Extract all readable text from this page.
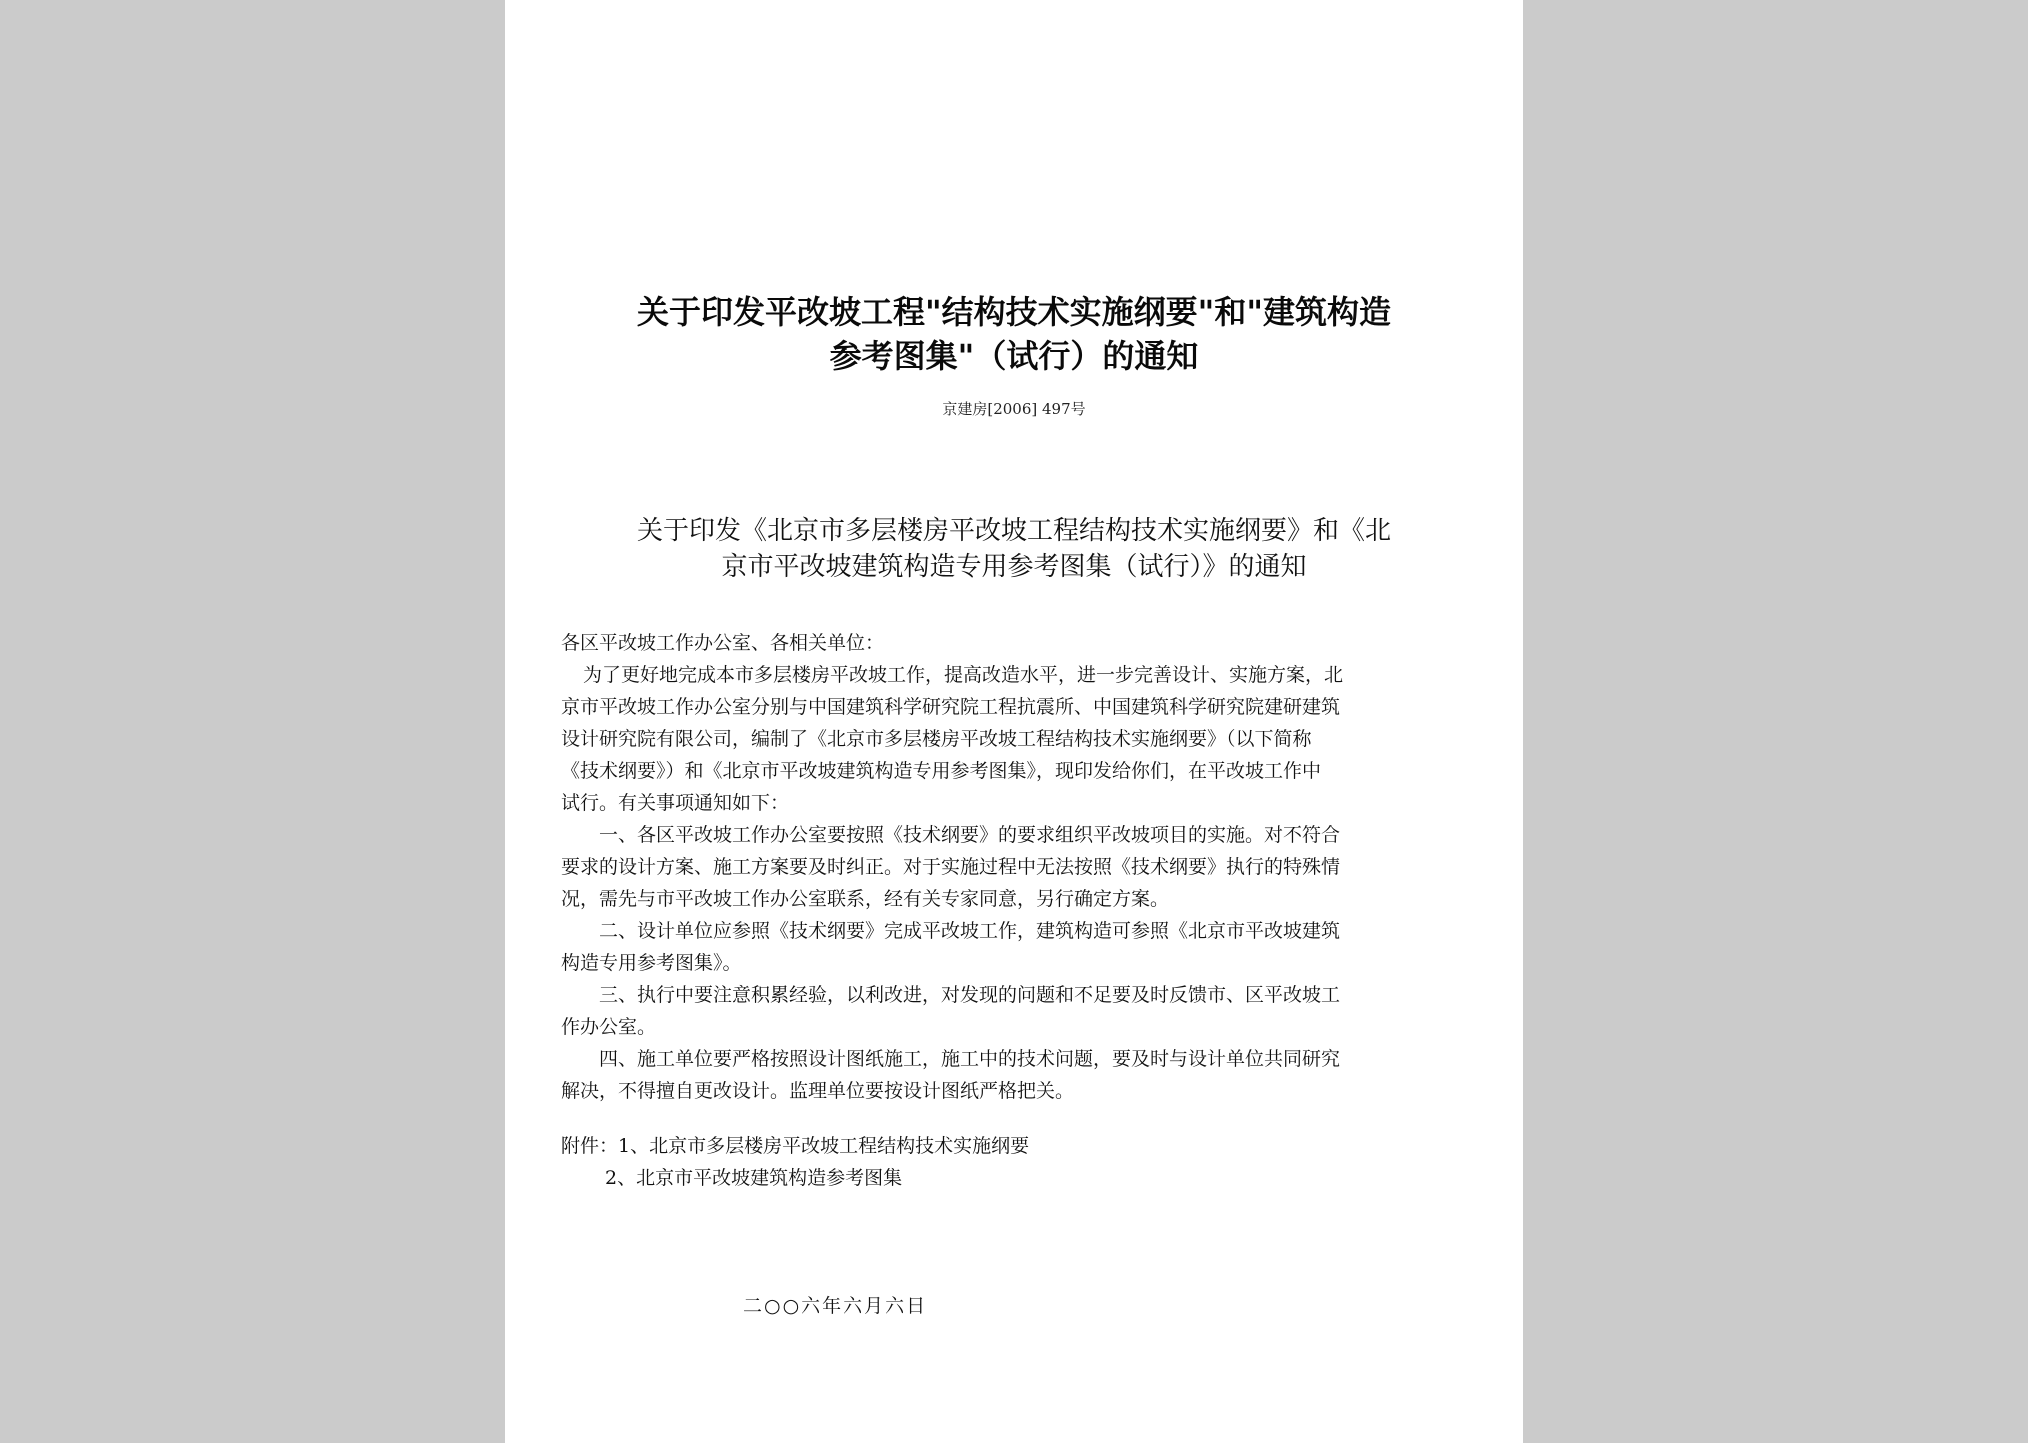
关于印发平改坡工程"结构技术实施纲要"和"建筑构造
参考图集"（试行）的通知
京建房[2006] 497号
关于印发《北京市多层楼房平改坡工程结构技术实施纲要》和《北
京市平改坡建筑构造专用参考图集（试行）》的通知

各区平改坡工作办公室、各相关单位：

为了更好地完成本市多层楼房平改坡工作，提高改造水平，进一步完善设计、实施方案，北

京市平改坡工作办公室分别与中国建筑科学研究院工程抗震所、中国建筑科学研究院建研建筑

设计研究院有限公司，编制了《北京市多层楼房平改坡工程结构技术实施纲要》（以下简称

《技术纲要》）和《北京市平改坡建筑构造专用参考图集》，现印发给你们，在平改坡工作中

试行。有关事项通知如下：

一、各区平改坡工作办公室要按照《技术纲要》的要求组织平改坡项目的实施。对不符合

要求的设计方案、施工方案要及时纠正。对于实施过程中无法按照《技术纲要》执行的特殊情

况，需先与市平改坡工作办公室联系，经有关专家同意，另行确定方案。

二、设计单位应参照《技术纲要》完成平改坡工作，建筑构造可参照《北京市平改坡建筑

构造专用参考图集》。

三、执行中要注意积累经验，以利改进，对发现的问题和不足要及时反馈市、区平改坡工

作办公室。

四、施工单位要严格按照设计图纸施工，施工中的技术问题，要及时与设计单位共同研究

解决，不得擅自更改设计。监理单位要按设计图纸严格把关。

附件：1、北京市多层楼房平改坡工程结构技术实施纲要

2、北京市平改坡建筑构造参考图集

二○○六年六月六日
